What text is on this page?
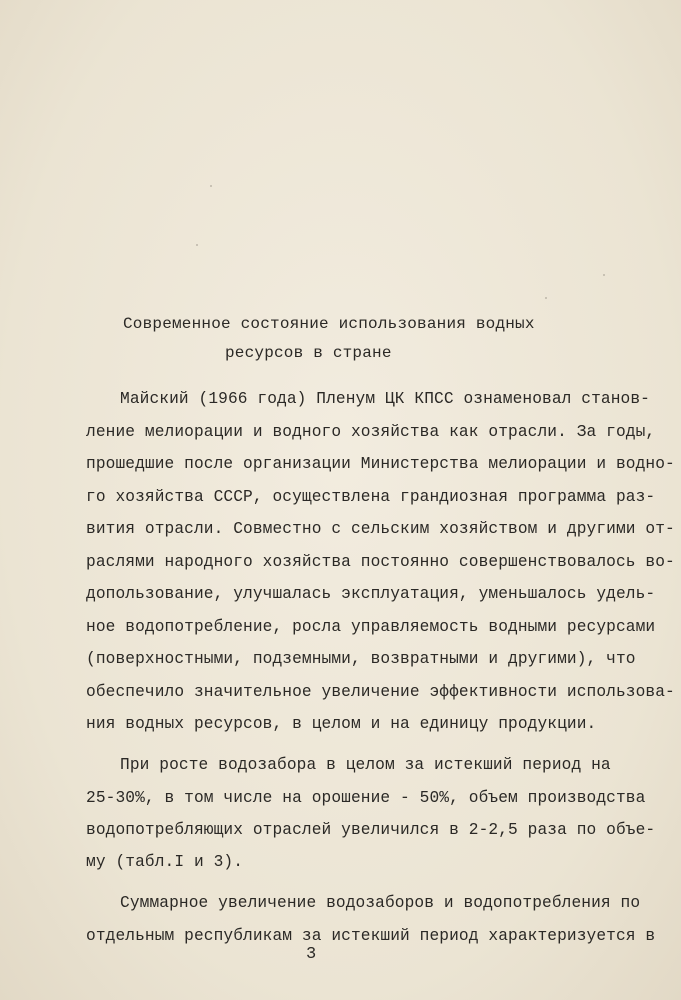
Современное состояние использования водных
ресурсов в стране
Майский (1966 года) Пленум ЦК КПСС ознаменовал станов-
ление мелиорации и водного хозяйства как отрасли. За годы,
прошедшие после организации Министерства мелиорации и водно-
го хозяйства СССР, осуществлена грандиозная программа раз-
вития отрасли. Совместно с сельским хозяйством и другими от-
раслями народного хозяйства постоянно совершенствовалось во-
допользование, улучшалась эксплуатация, уменьшалось удель-
ное водопотребление, росла управляемость водными ресурсами
(поверхностными, подземными, возвратными и другими), что
обеспечило значительное увеличение эффективности использова-
ния водных ресурсов, в целом и на единицу продукции.
При росте водозабора в целом за истекший период на
25-30%, в том числе на орошение - 50%, объем производства
водопотребляющих отраслей увеличился в 2-2,5 раза по объе-
му (табл.I и 3).
Суммарное увеличение водозаборов и водопотребления по
отдельным республикам за истекший период характеризуется в
3
